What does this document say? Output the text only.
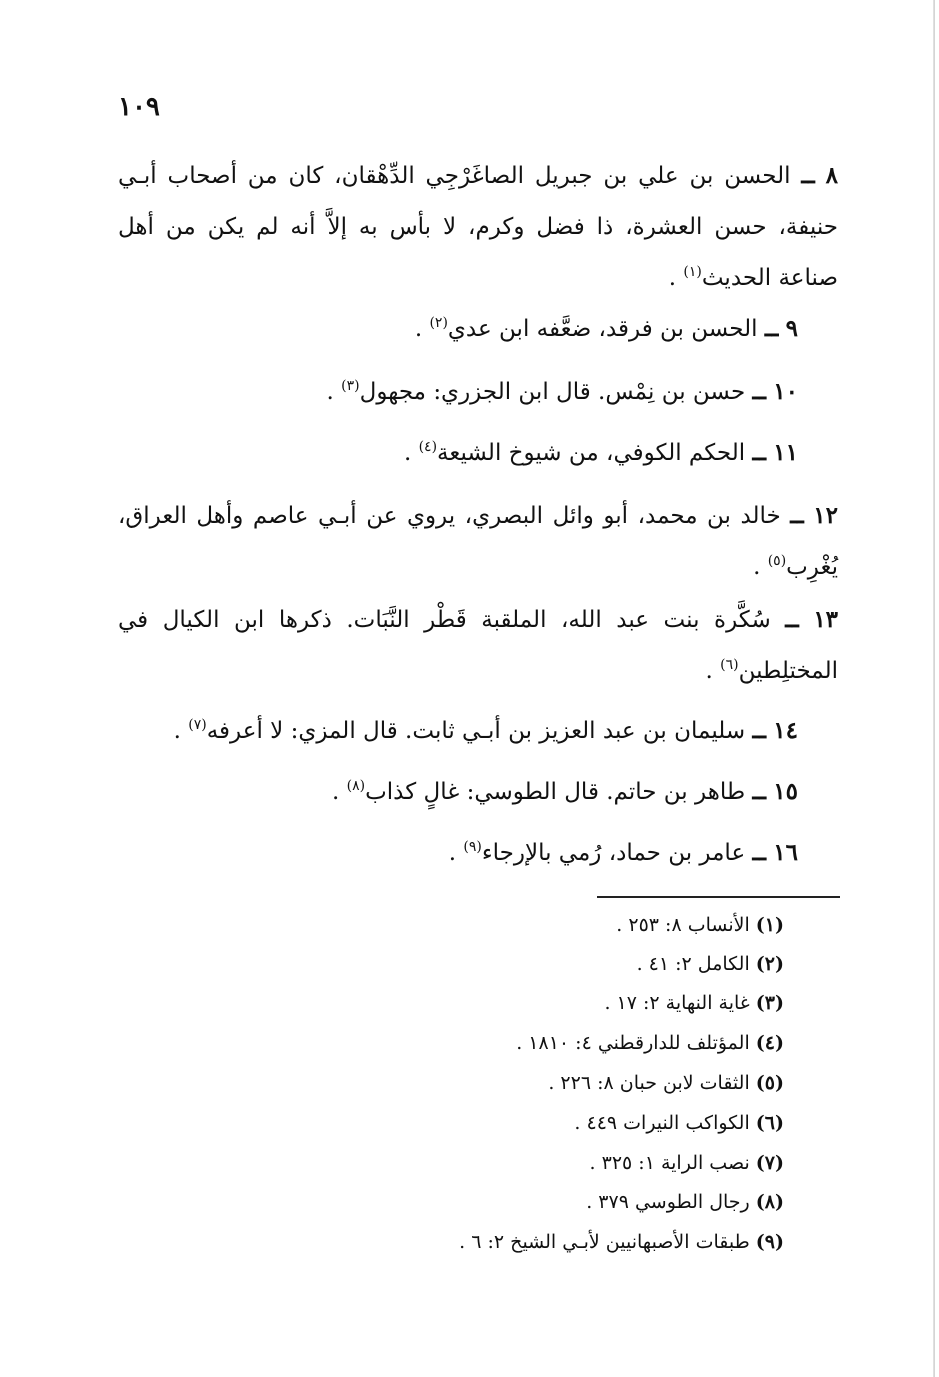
١٠٩
٨ ــ الحسن بن علي بن جبريل الصاغَرْجِي الدِّهْقان، كان من أصحاب أبـي حنيفة، حسن العشرة، ذا فضل وكرم، لا بأس به إلاَّ أنه لم يكن من أهل صناعة الحديث$^{(١)}$ .
٩ ــ الحسن بن فرقد، ضعَّفه ابن عدي$^{(٢)}$ .
١٠ ــ حسن بن نِمْس. قال ابن الجزري: مجهول$^{(٣)}$ .
١١ ــ الحكم الكوفي، من شيوخ الشيعة$^{(٤)}$ .
١٢ ــ خالد بن محمد، أبو وائل البصري، يروي عن أبـي عاصم وأهل العراق، يُغْرِب$^{(٥)}$ .
١٣ ــ سُكَّرة بنت عبد الله، الملقبة قَطْر النَّبَات. ذكرها ابن الكيال في المختلِطين$^{(٦)}$ .
١٤ ــ سليمان بن عبد العزيز بن أبـي ثابت. قال المزي: لا أعرفه$^{(٧)}$ .
١٥ ــ طاهر بن حاتم. قال الطوسي: غالٍ كذاب$^{(٨)}$ .
١٦ ــ عامر بن حماد، رُمي بالإرجاء$^{(٩)}$ .
(١) الأنساب ٨: ٢٥٣ .
(٢) الكامل ٢: ٤١ .
(٣) غاية النهاية ٢: ١٧ .
(٤) المؤتلف للدارقطني ٤: ١٨١٠ .
(٥) الثقات لابن حبان ٨: ٢٢٦ .
(٦) الكواكب النيرات ٤٤٩ .
(٧) نصب الراية ١: ٣٢٥ .
(٨) رجال الطوسي ٣٧٩ .
(٩) طبقات الأصبهانيين لأبـي الشيخ ٢: ٦ .
